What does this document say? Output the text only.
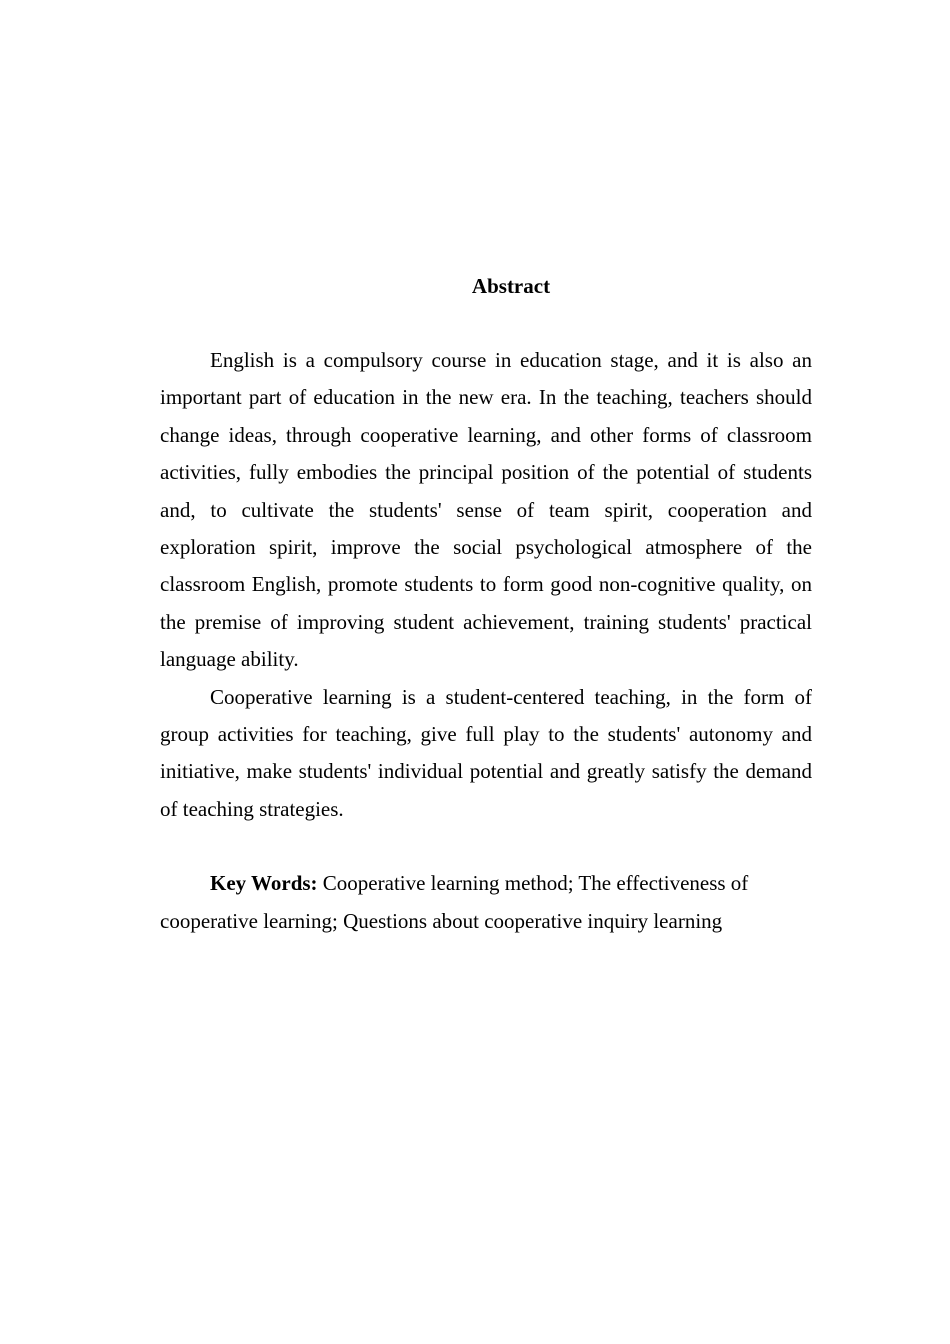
Abstract

English is a compulsory course in education stage, and it is also an important part of education in the new era. In the teaching, teachers should change ideas, through cooperative learning, and other forms of classroom activities, fully embodies the principal position of the potential of students and, to cultivate the students' sense of team spirit, cooperation and exploration spirit, improve the social psychological atmosphere of the classroom English, promote students to form good non-cognitive quality, on the premise of improving student achievement, training students' practical language ability.

Cooperative learning is a student-centered teaching, in the form of group activities for teaching, give full play to the students' autonomy and initiative, make students' individual potential and greatly satisfy the demand of teaching strategies.

Key Words: Cooperative learning method; The effectiveness of cooperative learning; Questions about cooperative inquiry learning
